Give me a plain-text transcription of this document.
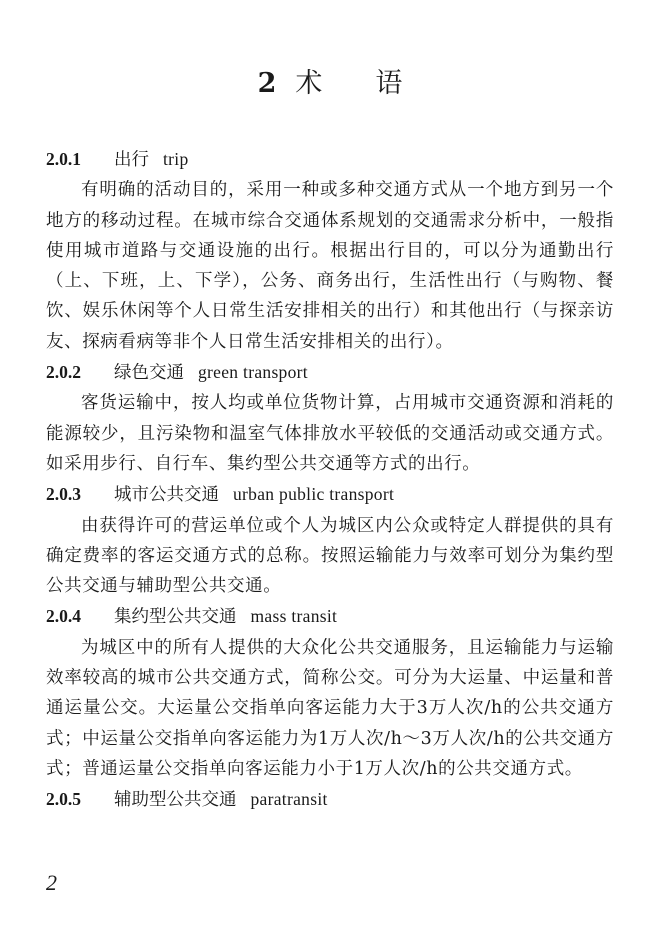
2 术 语

2.0.1 出行 trip

有明确的活动目的，采用一种或多种交通方式从一个地方到另一个地方的移动过程。在城市综合交通体系规划的交通需求分析中，一般指使用城市道路与交通设施的出行。根据出行目的，可以分为通勤出行（上、下班，上、下学），公务、商务出行，生活性出行（与购物、餐饮、娱乐休闲等个人日常生活安排相关的出行）和其他出行（与探亲访友、探病看病等非个人日常生活安排相关的出行）。

2.0.2 绿色交通 green transport

客货运输中，按人均或单位货物计算，占用城市交通资源和消耗的能源较少，且污染物和温室气体排放水平较低的交通活动或交通方式。如采用步行、自行车、集约型公共交通等方式的出行。

2.0.3 城市公共交通 urban public transport

由获得许可的营运单位或个人为城区内公众或特定人群提供的具有确定费率的客运交通方式的总称。按照运输能力与效率可划分为集约型公共交通与辅助型公共交通。

2.0.4 集约型公共交通 mass transit

为城区中的所有人提供的大众化公共交通服务，且运输能力与运输效率较高的城市公共交通方式，简称公交。可分为大运量、中运量和普通运量公交。大运量公交指单向客运能力大于3万人次/h的公共交通方式；中运量公交指单向客运能力为1万人次/h～3万人次/h的公共交通方式；普通运量公交指单向客运能力小于1万人次/h的公共交通方式。

2.0.5 辅助型公共交通 paratransit

2
